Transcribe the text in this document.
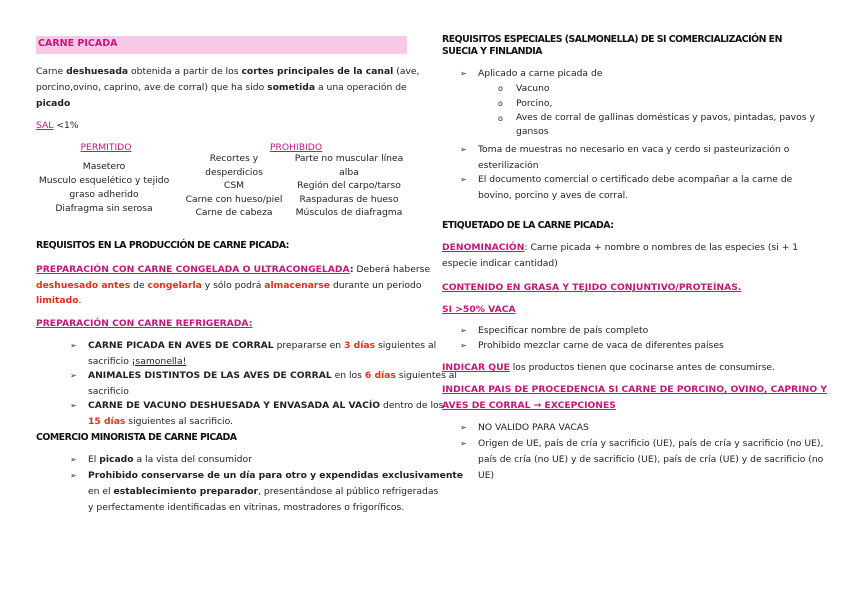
CARNE PICADA
Carne deshuesada obtenida a partir de los cortes principales de la canal (ave,
porcino,ovino, caprino, ave de corral) que ha sido sometida a una operación de
picado
SAL <1%
PERMITIDO	PROHIBIDO
Masetero
Musculo esquelético y tejido
graso adherido
Diafragma sin serosa
Recortes y
desperdicios
CSM
Carne con hueso/piel
Carne de cabeza
Parte no muscular línea
alba
Región del carpo/tarso
Raspaduras de hueso
Músculos de diafragma
REQUISITOS EN LA PRODUCCIÓN DE CARNE PICADA:
PREPARACIÓN CON CARNE CONGELADA O ULTRACONGELADA: Deberá haberse
deshuesado antes de congelarla y sólo podrá almacenarse durante un periodo
limitado.
PREPARACIÓN CON CARNE REFRIGERADA:
➢ CARNE PICADA EN AVES DE CORRAL prepararse en 3 días siguientes al
sacrificio ¡samonella!
➢ ANIMALES DISTINTOS DE LAS AVES DE CORRAL en los 6 días siguientes al
sacrificio
➢ CARNE DE VACUNO DESHUESADA Y ENVASADA AL VACÍO dentro de los
15 días siguientes al sacrificio.
COMERCIO MINORISTA DE CARNE PICADA
➢ El picado a la vista del consumidor
➢ Prohibido conservarse de un día para otro y expendidas exclusivamente
en el establecimiento preparador, presentándose al público refrigeradas
y perfectamente identificadas en vitrinas, mostradores o frigoríficos.
REQUISITOS ESPECIALES (SALMONELLA) DE SI COMERCIALIZACIÓN EN
SUECIA Y FINLANDIA
➢ Aplicado a carne picada de
o Vacuno
o Porcino,
o Aves de corral de gallinas domésticas y pavos, pintadas, pavos y
gansos
➢ Toma de muestras no necesario en vaca y cerdo si pasteurización o
esterilización
➢ El documento comercial o certificado debe acompañar a la carne de
bovino, porcino y aves de corral.
ETIQUETADO DE LA CARNE PICADA:
DENOMINACIÓN: Carne picada + nombre o nombres de las especies (si + 1
especie indicar cantidad)
CONTENIDO EN GRASA Y TEJIDO CONJUNTIVO/PROTEÍNAS.
SI >50% VACA
➢ Especificar nombre de país completo
➢ Prohibido mezclar carne de vaca de diferentes países
INDICAR QUE los productos tienen que cocinarse antes de consumirse.
INDICAR PAIS DE PROCEDENCIA SI CARNE DE PORCINO, OVINO, CAPRINO Y
AVES DE CORRAL → EXCEPCIONES
➢ NO VALIDO PARA VACAS
➢ Origen de UE, país de cría y sacrificio (UE), país de cría y sacrificio (no UE),
país de cría (no UE) y de sacrificio (UE), país de cría (UE) y de sacrificio (no
UE)
